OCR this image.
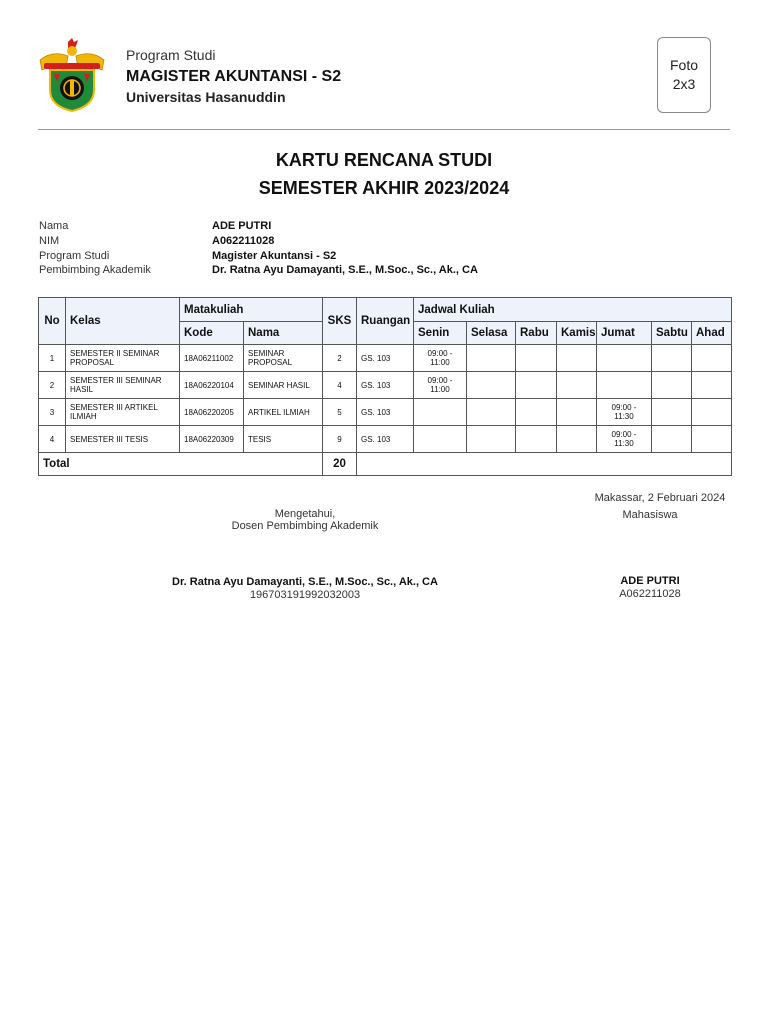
Program Studi
MAGISTER AKUNTANSI - S2
Universitas Hasanuddin
Foto
2x3
KARTU RENCANA STUDI
SEMESTER AKHIR 2023/2024
Nama	ADE PUTRI
NIM	A062211028
Program Studi	Magister Akuntansi - S2
Pembimbing Akademik	Dr. Ratna Ayu Damayanti, S.E., M.Soc., Sc., Ak., CA
No	Kelas	Matakuliah		SKS	Ruangan	Jadwal Kuliah						
		Kode	Nama			Senin	Selasa	Rabu	Kamis	Jumat	Sabtu	Ahad
1	SEMESTER II SEMINAR PROPOSAL	18A06211002	SEMINAR PROPOSAL	2	GS. 103	09:00 - 11:00						
2	SEMESTER III SEMINAR HASIL	18A06220104	SEMINAR HASIL	4	GS. 103	09:00 - 11:00						
3	SEMESTER III ARTIKEL ILMIAH	18A06220205	ARTIKEL ILMIAH	5	GS. 103					09:00 - 11:30		
4	SEMESTER III TESIS	18A06220309	TESIS	9	GS. 103					09:00 - 11:30		
Total				20								
Makassar, 2 Februari 2024
Mahasiswa
Mengetahui,
Dosen Pembimbing Akademik
Dr. Ratna Ayu Damayanti, S.E., M.Soc., Sc., Ak., CA
196703191992032003
ADE PUTRI
A062211028
